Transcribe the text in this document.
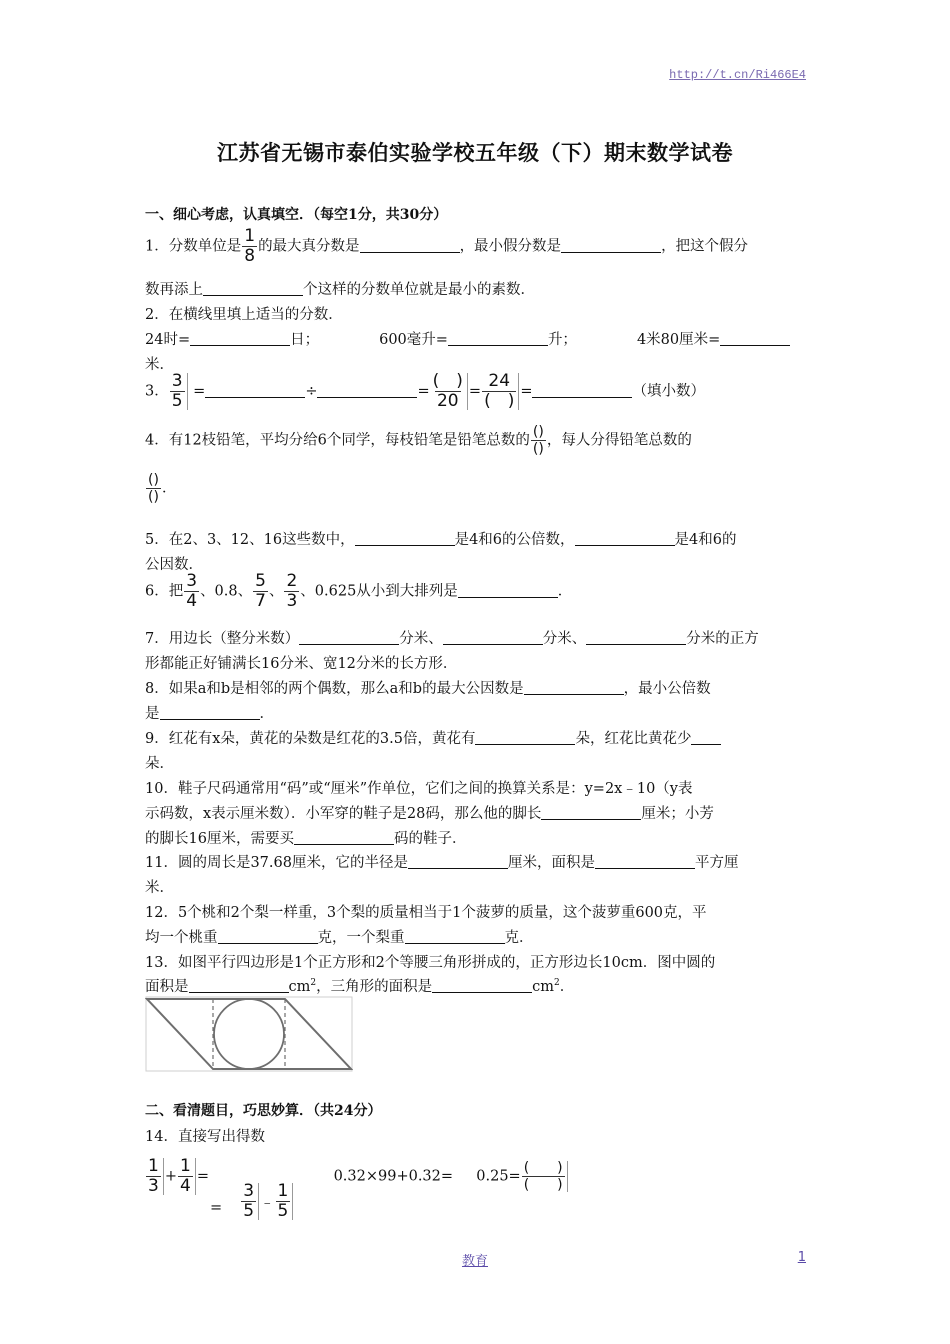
http://t.cn/Ri466E4
江苏省无锡市泰伯实验学校五年级（下）期末数学试卷
一、细心考虑，认真填空．（每空1分，共30分）
1．分数单位是 $\frac{1}{8}$ 的最大真分数是	，最小假分数是	，把这个假分
数再添上	个这样的分数单位就是最小的素数．
2．在横线里填上适当的分数．
24时=	日；	600毫升=	升；	4米80厘米=
米．
3． $\frac{3}{5}$ =	÷	= $\frac{( )}{20} = \frac{24}{( )}$ =	（填小数）
4．有12枝铅笔，平均分给6个同学，每枝铅笔是铅笔总数的 $\frac{()}{()}$ ，每人分得铅笔总数的
$\frac{()}{()}$ ．
5．在2、3、12、16这些数中，	是4和6的公倍数，	是4和6的
公因数．
6．把 $\frac{3}{4}$ 、0.8、 $\frac{5}{7}$ 、 $\frac{2}{3}$ 、0.625从小到大排列是	．
7．用边长（整分米数）	分米、	分米、	分米的正方
形都能正好铺满长16分米、宽12分米的长方形．
8．如果a和b是相邻的两个偶数，那么a和b的最大公因数是	，最小公倍数
是	．
9．红花有x朵，黄花的朵数是红花的3.5倍，黄花有	朵，红花比黄花少
朵．
10．鞋子尺码通常用“码”或“厘米”作单位，它们之间的换算关系是：y=2x﹣10（y表
示码数，x表示厘米数）．小军穿的鞋子是28码，那么他的脚长	厘米；小芳
的脚长16厘米，需要买	码的鞋子．
11．圆的周长是37.68厘米，它的半径是	厘米，面积是	平方厘
米．
12．5个桃和2个梨一样重，3个梨的质量相当于1个菠萝的质量，这个菠萝重600克，平
均一个桃重	克，一个梨重	克．
13．如图平行四边形是1个正方形和2个等腰三角形拼成的，正方形边长10cm．图中圆的
面积是	$cm^2$，三角形的面积是	$cm^2$．
二、看清题目，巧思妙算．（共24分）
14．直接写出得数
$\frac{1}{3} + \frac{1}{4}$ =
$\frac{3}{5}$ ﹣ $\frac{1}{5}$
$0.32\times 99+0.32= 0.25= \frac{( )}{( )}$
=
教育	1
